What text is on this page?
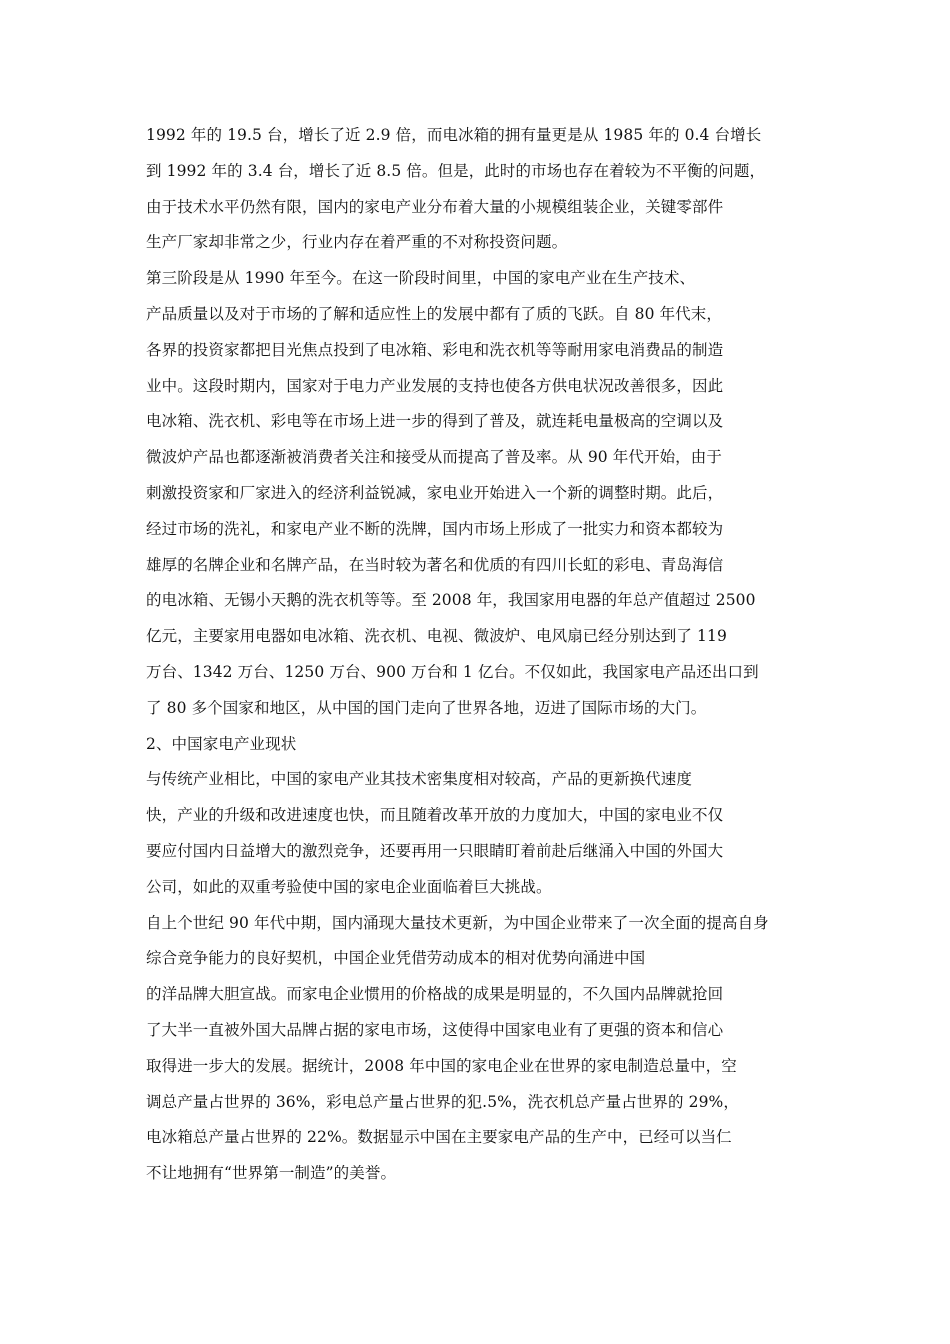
1992 年的 19.5 台，增长了近 2.9 倍，而电冰箱的拥有量更是从 1985 年的 0.4 台增长
到 1992 年的 3.4 台，增长了近 8.5 倍。但是，此时的市场也存在着较为不平衡的问题，
由于技术水平仍然有限，国内的家电产业分布着大量的小规模组装企业，关键零部件
生产厂家却非常之少，行业内存在着严重的不对称投资问题。
第三阶段是从 1990 年至今。在这一阶段时间里，中国的家电产业在生产技术、
产品质量以及对于市场的了解和适应性上的发展中都有了质的飞跃。自 80 年代末，
各界的投资家都把目光焦点投到了电冰箱、彩电和洗衣机等等耐用家电消费品的制造
业中。这段时期内，国家对于电力产业发展的支持也使各方供电状况改善很多，因此
电冰箱、洗衣机、彩电等在市场上进一步的得到了普及，就连耗电量极高的空调以及
微波炉产品也都逐渐被消费者关注和接受从而提高了普及率。从 90 年代开始，由于
刺激投资家和厂家进入的经济利益锐减，家电业开始进入一个新的调整时期。此后，
经过市场的洗礼，和家电产业不断的洗牌，国内市场上形成了一批实力和资本都较为
雄厚的名牌企业和名牌产品，在当时较为著名和优质的有四川长虹的彩电、青岛海信
的电冰箱、无锡小天鹅的洗衣机等等。至 2008 年，我国家用电器的年总产值超过 2500
亿元，主要家用电器如电冰箱、洗衣机、电视、微波炉、电风扇已经分别达到了 119
万台、1342 万台、1250 万台、900 万台和 1 亿台。不仅如此，我国家电产品还出口到
了 80 多个国家和地区，从中国的国门走向了世界各地，迈进了国际市场的大门。
2、中国家电产业现状
与传统产业相比，中国的家电产业其技术密集度相对较高，产品的更新换代速度
快，产业的升级和改进速度也快，而且随着改革开放的力度加大，中国的家电业不仅
要应付国内日益增大的激烈竞争，还要再用一只眼睛盯着前赴后继涌入中国的外国大
公司，如此的双重考验使中国的家电企业面临着巨大挑战。
自上个世纪 90 年代中期，国内涌现大量技术更新，为中国企业带来了一次全面的提高自身
综合竞争能力的良好契机，中国企业凭借劳动成本的相对优势向涌进中国
的洋品牌大胆宣战。而家电企业惯用的价格战的成果是明显的，不久国内品牌就抢回
了大半一直被外国大品牌占据的家电市场，这使得中国家电业有了更强的资本和信心
取得进一步大的发展。据统计，2008 年中国的家电企业在世界的家电制造总量中，空
调总产量占世界的 36%，彩电总产量占世界的犯.5%，洗衣机总产量占世界的 29%，
电冰箱总产量占世界的 22%。数据显示中国在主要家电产品的生产中，已经可以当仁
不让地拥有“世界第一制造”的美誉。
